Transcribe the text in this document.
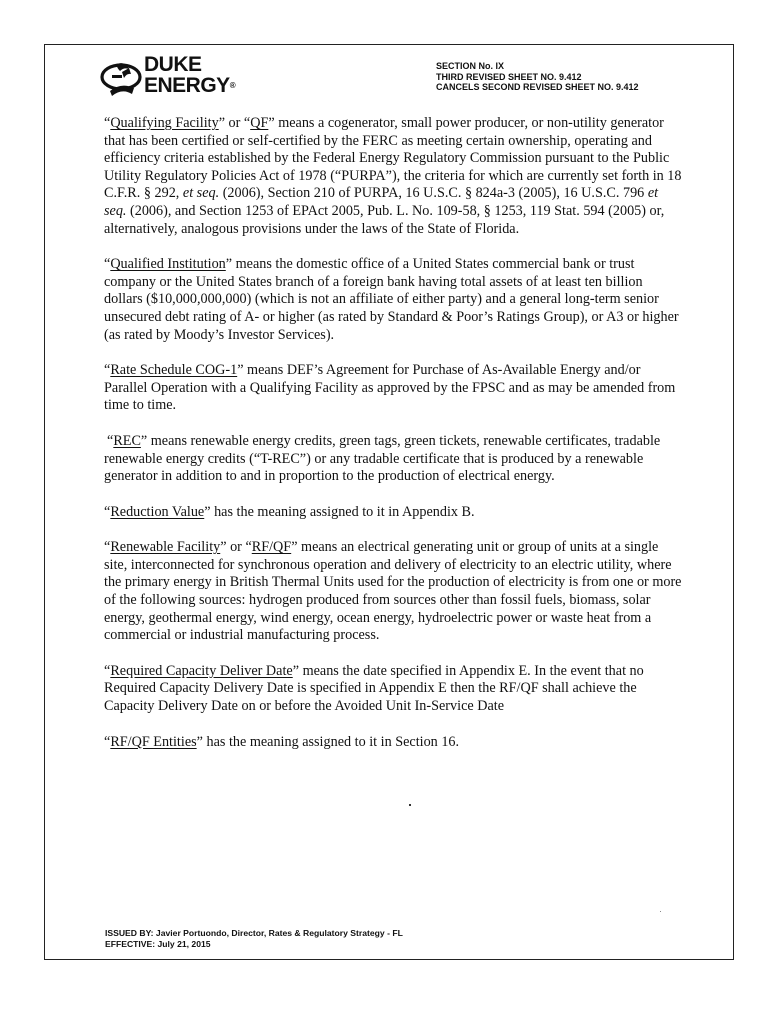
DUKE
ENERGY®
SECTION No. IX
THIRD REVISED SHEET NO. 9.412
CANCELS SECOND REVISED SHEET NO. 9.412

“Qualifying Facility” or “QF” means a cogenerator, small power producer, or non-utility generator that has been certified or self-certified by the FERC as meeting certain ownership, operating and efficiency criteria established by the Federal Energy Regulatory Commission pursuant to the Public Utility Regulatory Policies Act of 1978 (“PURPA”), the criteria for which are currently set forth in 18 C.F.R. § 292, et seq. (2006), Section 210 of PURPA, 16 U.S.C. § 824a-3 (2005), 16 U.S.C. 796 et seq. (2006), and Section 1253 of EPAct 2005, Pub. L. No. 109-58, § 1253, 119 Stat. 594 (2005) or, alternatively, analogous provisions under the laws of the State of Florida.

“Qualified Institution” means the domestic office of a United States commercial bank or trust company or the United States branch of a foreign bank having total assets of at least ten billion dollars ($10,000,000,000) (which is not an affiliate of either party) and a general long-term senior unsecured debt rating of A- or higher (as rated by Standard & Poor’s Ratings Group), or A3 or higher (as rated by Moody’s Investor Services).

“Rate Schedule COG-1” means DEF’s Agreement for Purchase of As-Available Energy and/or Parallel Operation with a Qualifying Facility as approved by the FPSC and as may be amended from time to time.

“REC” means renewable energy credits, green tags, green tickets, renewable certificates, tradable renewable energy credits (“T-REC”) or any tradable certificate that is produced by a renewable generator in addition to and in proportion to the production of electrical energy.

“Reduction Value” has the meaning assigned to it in Appendix B.

“Renewable Facility” or “RF/QF” means an electrical generating unit or group of units at a single site, interconnected for synchronous operation and delivery of electricity to an electric utility, where the primary energy in British Thermal Units used for the production of electricity is from one or more of the following sources: hydrogen produced from sources other than fossil fuels, biomass, solar energy, geothermal energy, wind energy, ocean energy, hydroelectric power or waste heat from a commercial or industrial manufacturing process.

“Required Capacity Deliver Date” means the date specified in Appendix E. In the event that no Required Capacity Delivery Date is specified in Appendix E then the RF/QF shall achieve the Capacity Delivery Date on or before the Avoided Unit In-Service Date

“RF/QF Entities” has the meaning assigned to it in Section 16.

ISSUED BY: Javier Portuondo, Director, Rates & Regulatory Strategy - FL
EFFECTIVE: July 21, 2015
